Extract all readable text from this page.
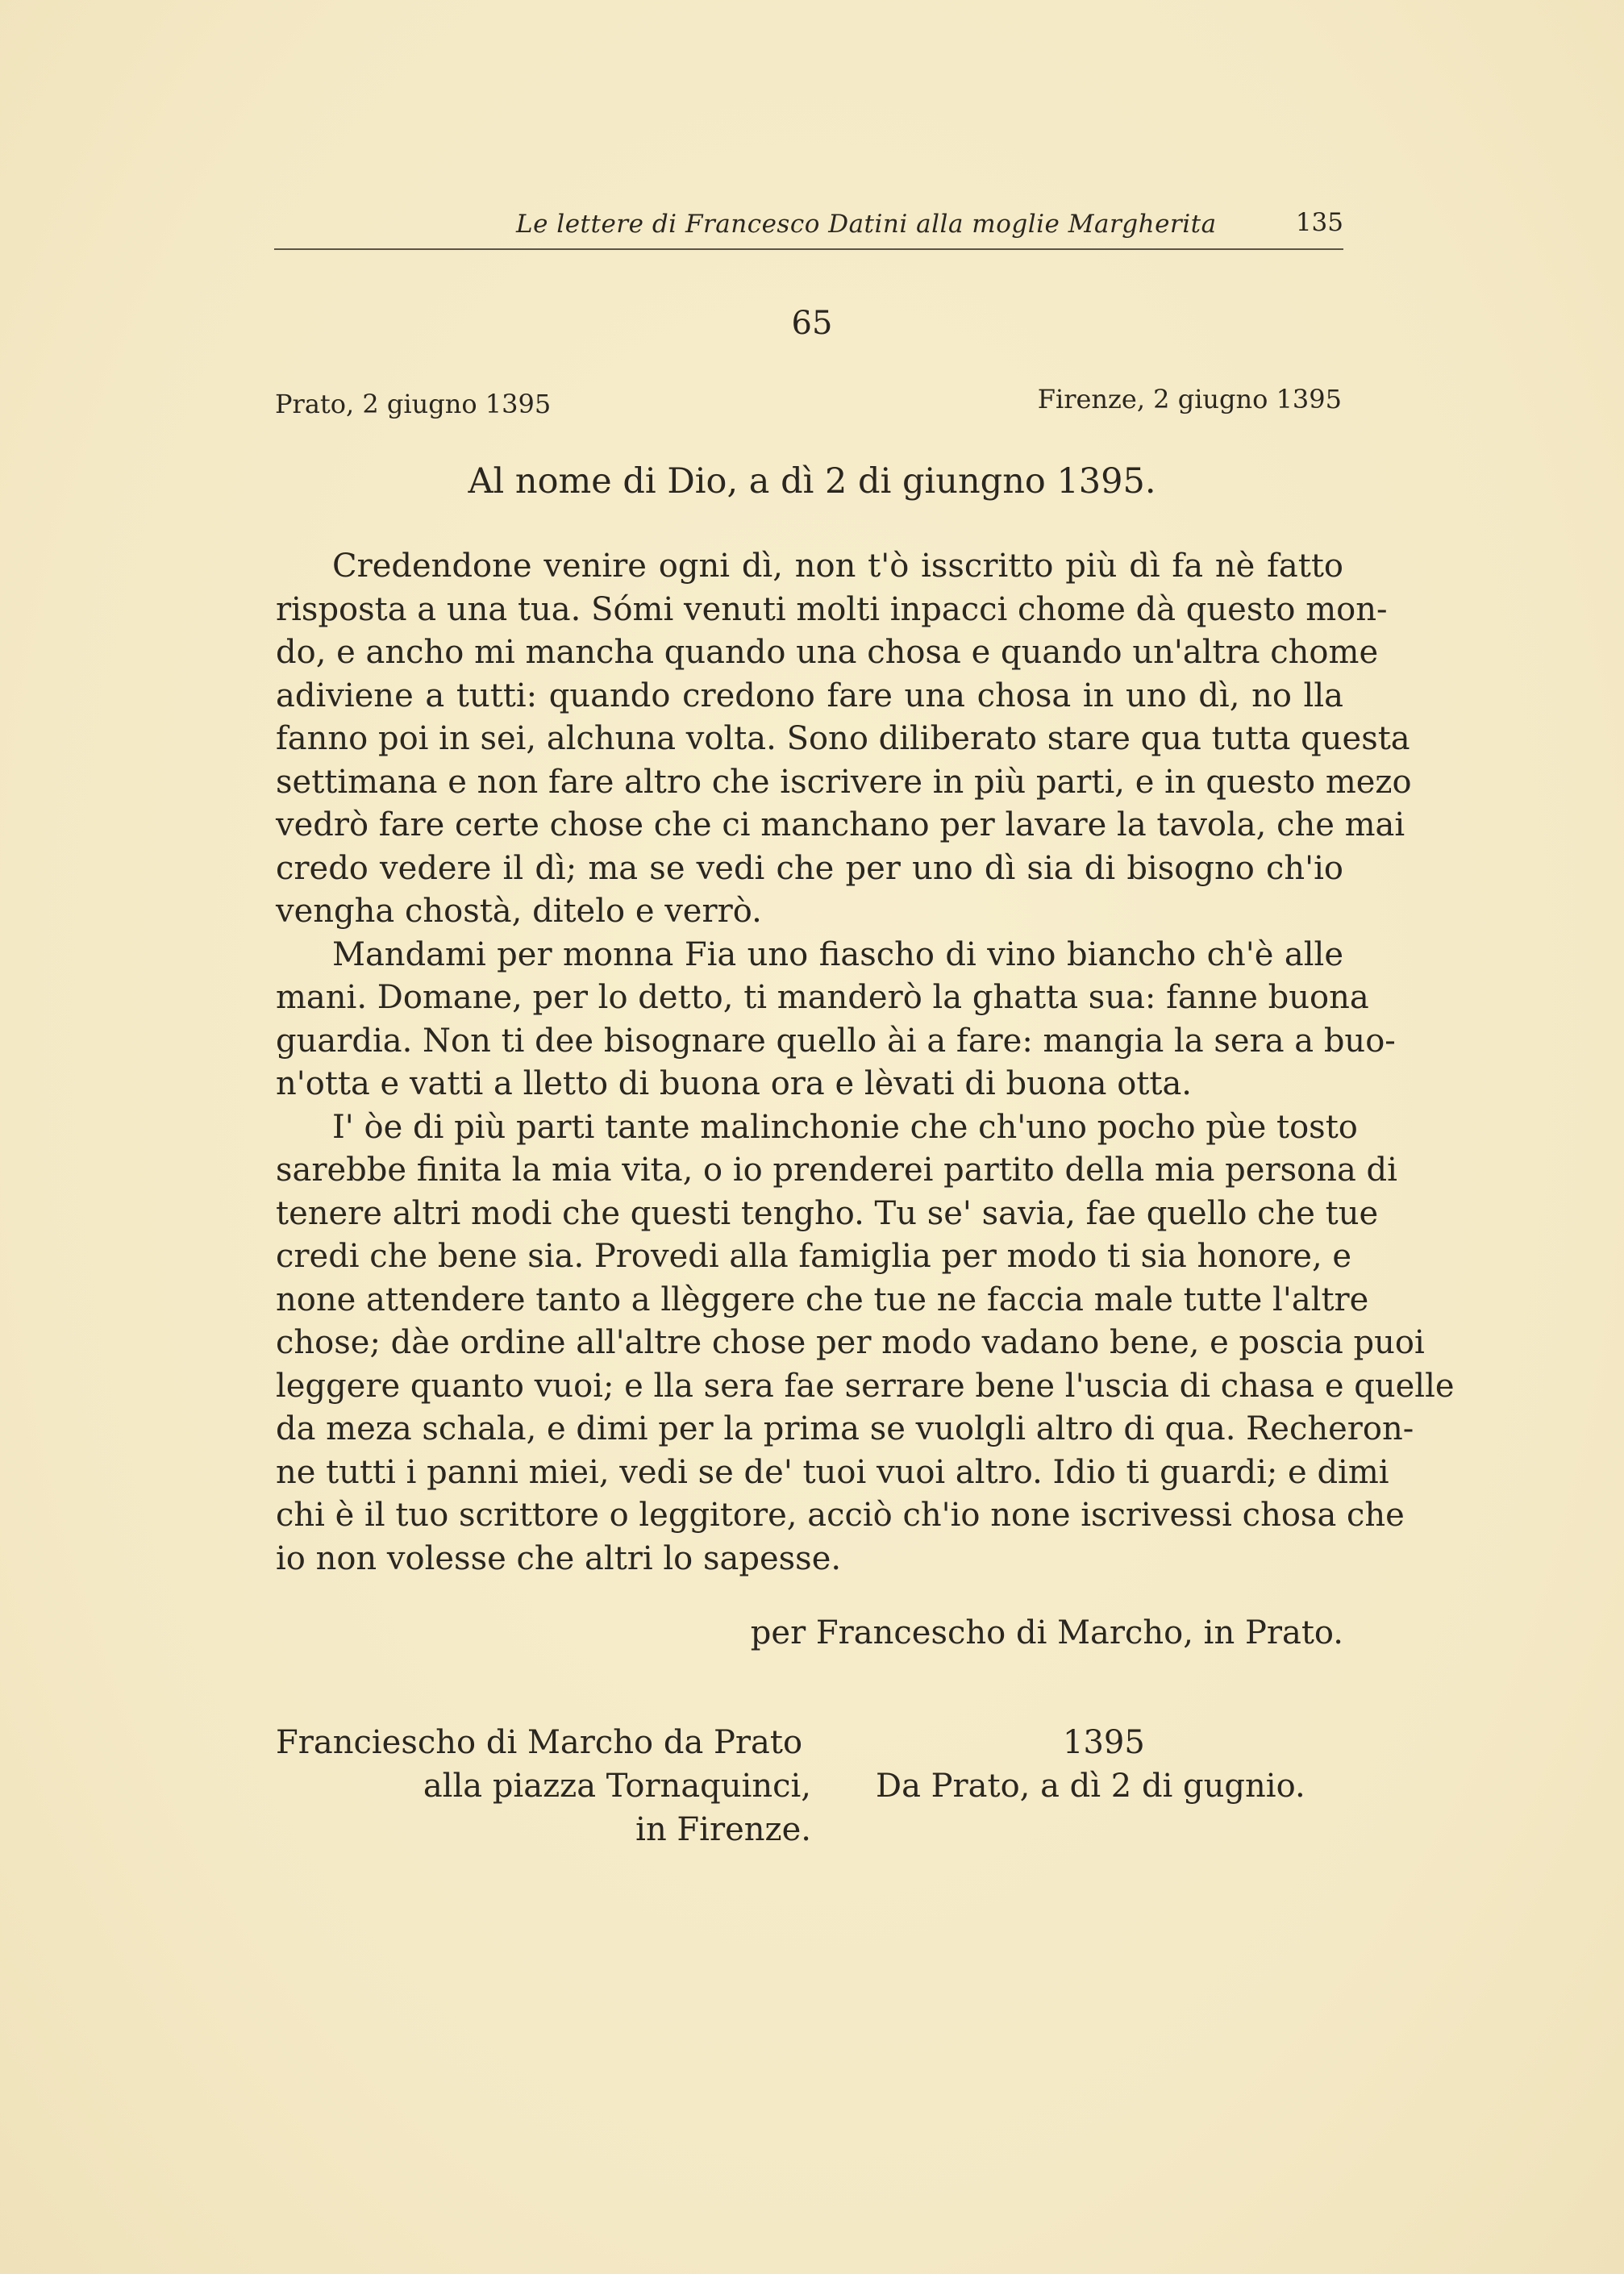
Le lettere di Francesco Datini alla moglie Margherita	135
65
Prato, 2 giugno 1395	Firenze, 2 giugno 1395
Al nome di Dio, a dì 2 di giungno 1395.
Credendone venire ogni dì, non t'ò isscritto più dì fa nè fatto
risposta a una tua. Sómi venuti molti inpacci chome dà questo mon-
do, e ancho mi mancha quando una chosa e quando un'altra chome
adiviene a tutti: quando credono fare una chosa in uno dì, no lla
fanno poi in sei, alchuna volta. Sono diliberato stare qua tutta questa
settimana e non fare altro che iscrivere in più parti, e in questo mezo
vedrò fare certe chose che ci manchano per lavare la tavola, che mai
credo vedere il dì; ma se vedi che per uno dì sia di bisogno ch'io
vengha chostà, ditelo e verrò.
Mandami per monna Fia uno fiascho di vino biancho ch'è alle
mani. Domane, per lo detto, ti manderò la ghatta sua: fanne buona
guardia. Non ti dee bisognare quello ài a fare: mangia la sera a buo-
n'otta e vatti a lletto di buona ora e lèvati di buona otta.
I' òe di più parti tante malinchonie che ch'uno pocho pùe tosto
sarebbe finita la mia vita, o io prenderei partito della mia persona di
tenere altri modi che questi tengho. Tu se' savia, fae quello che tue
credi che bene sia. Provedi alla famiglia per modo ti sia honore, e
none attendere tanto a llèggere che tue ne faccia male tutte l'altre
chose; dàe ordine all'altre chose per modo vadano bene, e poscia puoi
leggere quanto vuoi; e lla sera fae serrare bene l'uscia di chasa e quelle
da meza schala, e dimi per la prima se vuolgli altro di qua. Recheron-
ne tutti i panni miei, vedi se de' tuoi vuoi altro. Idio ti guardi; e dimi
chi è il tuo scrittore o leggitore, acciò ch'io none iscrivessi chosa che
io non volesse che altri lo sapesse.
per Francescho di Marcho, in Prato.
Franciescho di Marcho da Prato
alla piazza Tornaquinci,
in Firenze.
1395
Da Prato, a dì 2 di gugnio.
